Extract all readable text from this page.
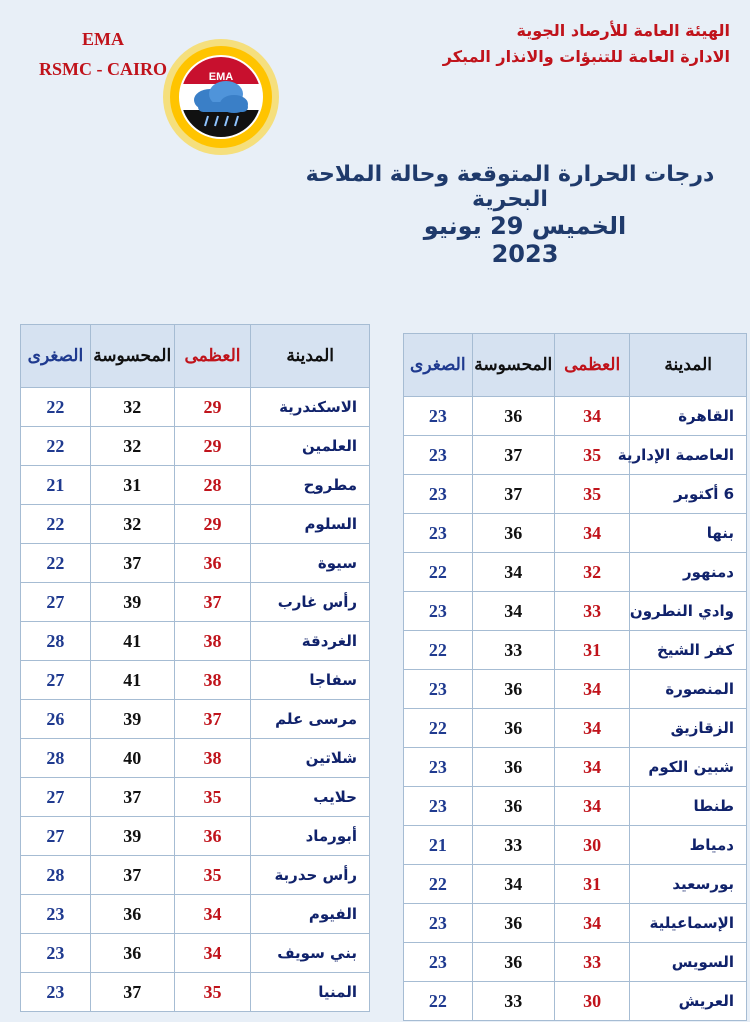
EMA
RSMC - CAIRO	EMA
الهيئة العامة للأرصاد الجوية
الادارة العامة للتنبؤات والانذار المبكر
درجات الحرارة المتوقعة وحالة الملاحة البحرية
الخميس 29 يونيو 2023
المدينة	العظمى	المحسوسة	الصغرى
القاهرة	34	36	23
العاصمة الإدارية	35	37	23
6 أكتوبر	35	37	23
بنها	34	36	23
دمنهور	32	34	22
وادي النطرون	33	34	23
كفر الشيخ	31	33	22
المنصورة	34	36	23
الزقازيق	34	36	22
شبين الكوم	34	36	23
طنطا	34	36	23
دمياط	30	33	21
بورسعيد	31	34	22
الإسماعيلية	34	36	23
السويس	33	36	23
العريش	30	33	22
المدينة	العظمى	المحسوسة	الصغرى
الاسكندرية	29	32	22
العلمين	29	32	22
مطروح	28	31	21
السلوم	29	32	22
سيوة	36	37	22
رأس غارب	37	39	27
الغردقة	38	41	28
سفاجا	38	41	27
مرسى علم	37	39	26
شلاتين	38	40	28
حلايب	35	37	27
أبورماد	36	39	27
رأس حدربة	35	37	28
الفيوم	34	36	23
بني سويف	34	36	23
المنيا	35	37	23
